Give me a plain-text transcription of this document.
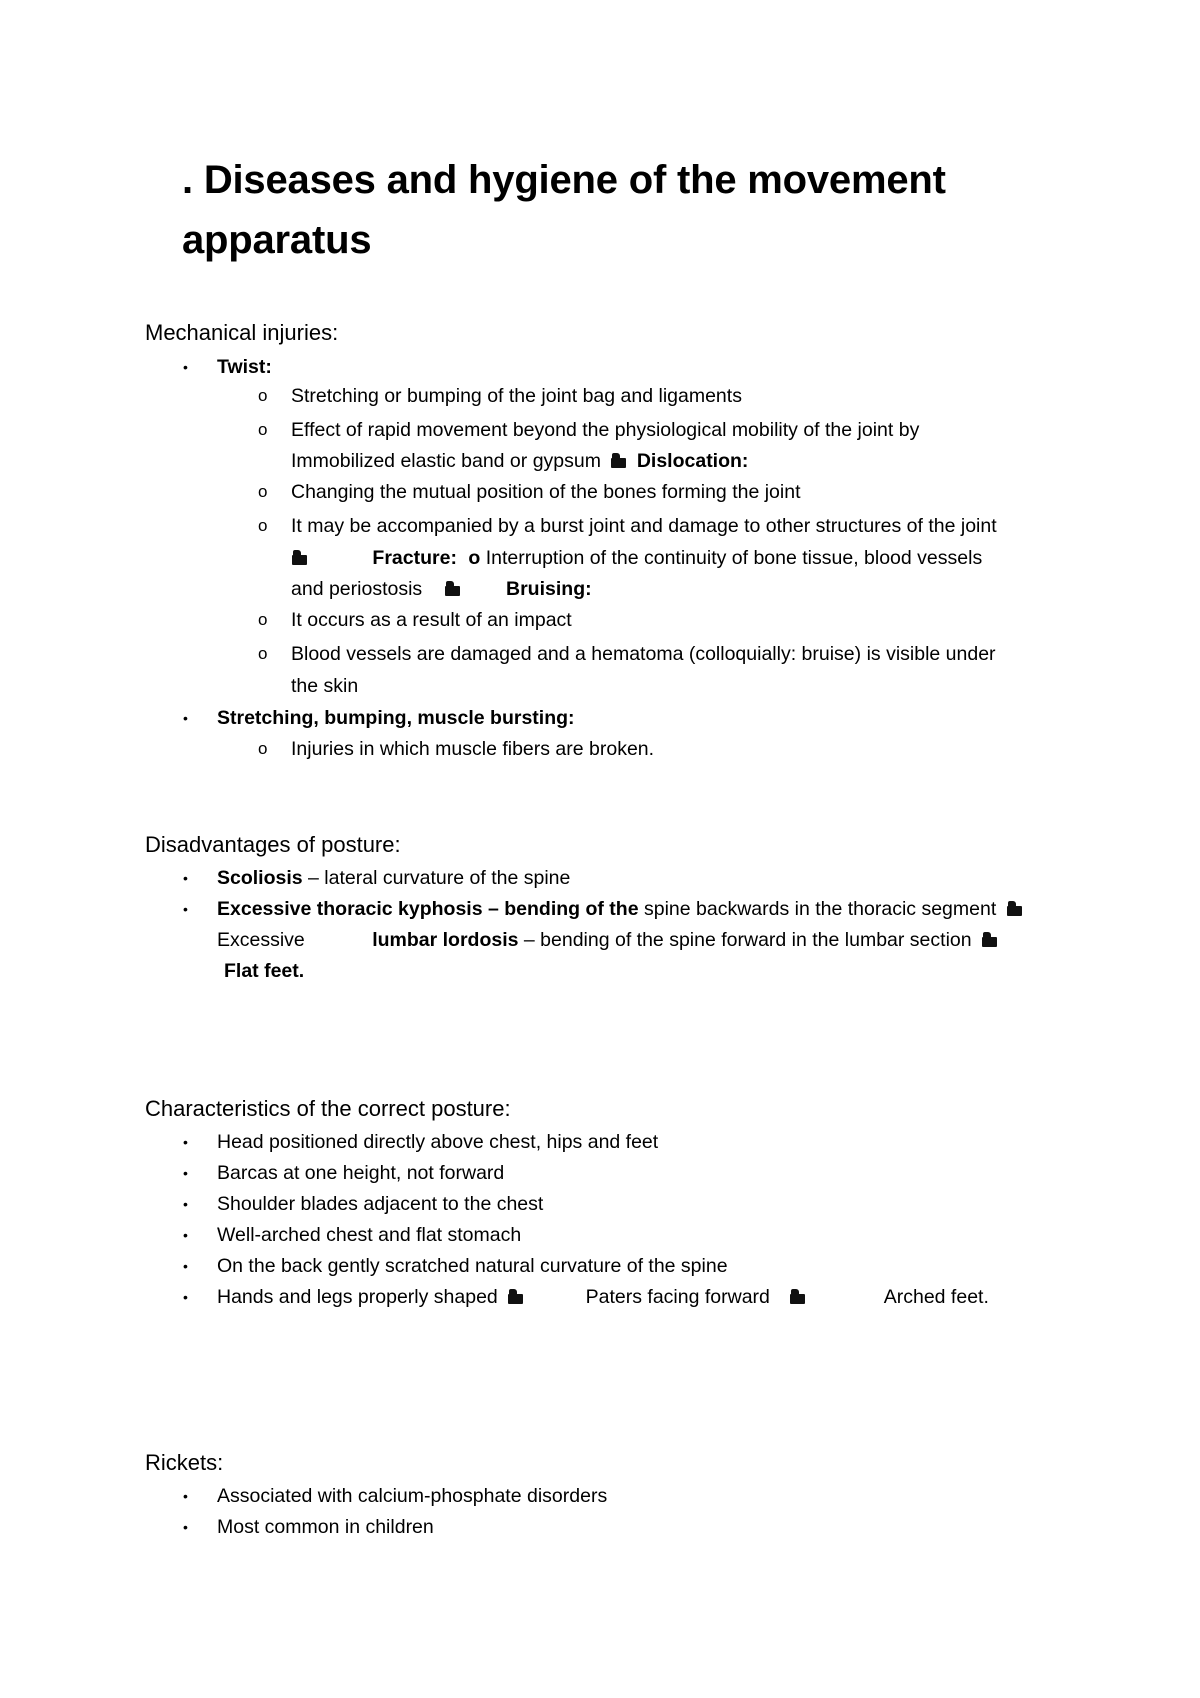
. Diseases and hygiene of the movement apparatus
Mechanical injuries:
• Twist:
o Stretching or bumping of the joint bag and ligaments
o Effect of rapid movement beyond the physiological mobility of the joint by
Immobilized elastic band or gypsum Dislocation:
o Changing the mutual position of the bones forming the joint
o It may be accompanied by a burst joint and damage to other structures of the joint
Fracture: o Interruption of the continuity of bone tissue, blood vessels
and periostosis	Bruising:
o It occurs as a result of an impact
o Blood vessels are damaged and a hematoma (colloquially: bruise) is visible under
the skin
• Stretching, bumping, muscle bursting:
o Injuries in which muscle fibers are broken.
Disadvantages of posture:
• Scoliosis – lateral curvature of the spine
• Excessive thoracic kyphosis – bending of the spine backwards in the thoracic segment
Excessive	lumbar lordosis – bending of the spine forward in the lumbar section
Flat feet.
Characteristics of the correct posture:
• Head positioned directly above chest, hips and feet
• Barcas at one height, not forward
• Shoulder blades adjacent to the chest
• Well-arched chest and flat stomach
• On the back gently scratched natural curvature of the spine
• Hands and legs properly shaped	Paters facing forward	Arched feet.
Rickets:
• Associated with calcium-phosphate disorders
• Most common in children
